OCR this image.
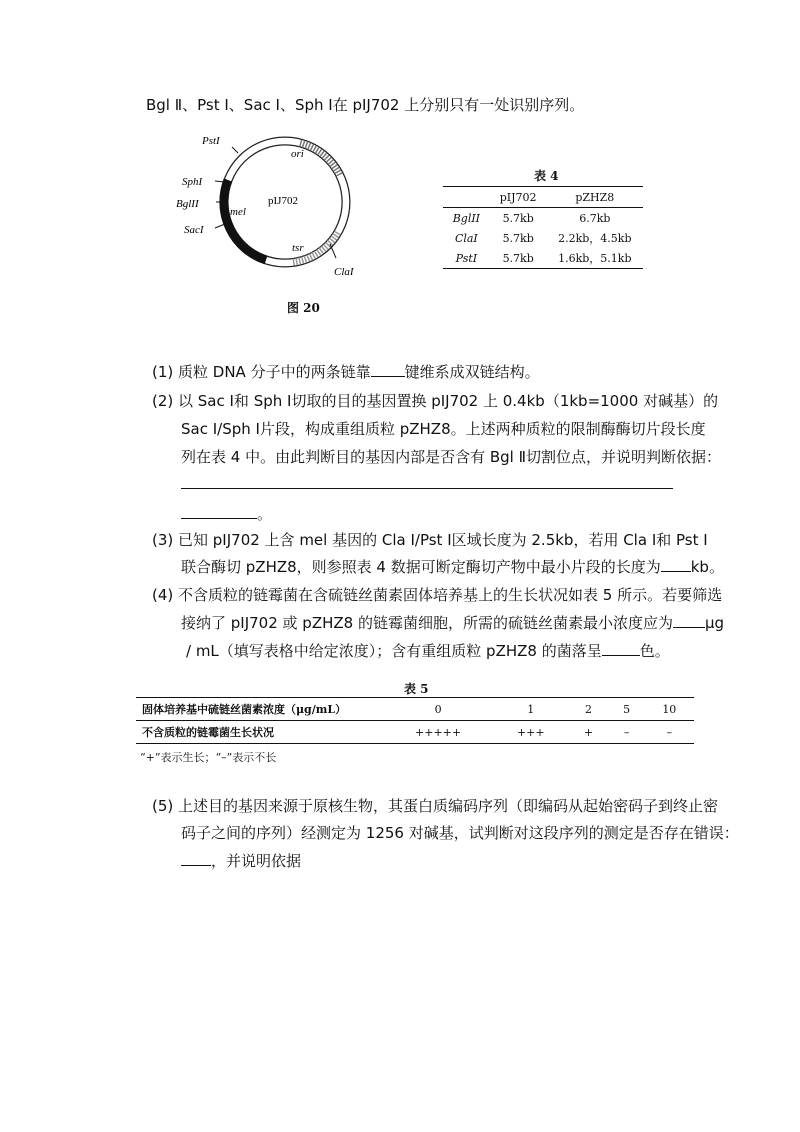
Bgl Ⅱ、Pst Ⅰ、Sac Ⅰ、Sph Ⅰ在 pIJ702 上分别只有一处识别序列。
PstI
SphI
BglII
SacI
ClaI
ori
mel
tsr
pIJ702
图 20
表 4
	pIJ702	pZHZ8
BglII	5.7kb	6.7kb
ClaI	5.7kb	2.2kb，4.5kb
PstI	5.7kb	1.6kb，5.1kb
(1) 质粒 DNA 分子中的两条链靠 键维系成双链结构。
(2) 以 Sac Ⅰ和 Sph Ⅰ切取的目的基因置换 pIJ702 上 0.4kb（1kb=1000 对碱基）的
Sac Ⅰ/Sph Ⅰ片段，构成重组质粒 pZHZ8。上述两种质粒的限制酶酶切片段长度
列在表 4 中。由此判断目的基因内部是否含有 Bgl Ⅱ切割位点，并说明判断依据：
。
(3) 已知 pIJ702 上含 mel 基因的 Cla Ⅰ/Pst Ⅰ区域长度为 2.5kb，若用 Cla Ⅰ和 Pst Ⅰ
联合酶切 pZHZ8，则参照表 4 数据可断定酶切产物中最小片段的长度为 kb。
(4) 不含质粒的链霉菌在含硫链丝菌素固体培养基上的生长状况如表 5 所示。若要筛选
接纳了 pIJ702 或 pZHZ8 的链霉菌细胞，所需的硫链丝菌素最小浓度应为 μg
/ mL（填写表格中给定浓度）；含有重组质粒 pZHZ8 的菌落呈	色。
表 5
固体培养基中硫链丝菌素浓度（μg/mL）	0	1	2	5	10
不含质粒的链霉菌生长状况	+++++	+++	+	–	–
“+”表示生长；“–”表示不长
(5) 上述目的基因来源于原核生物，其蛋白质编码序列（即编码从起始密码子到终止密
码子之间的序列）经测定为 1256 对碱基，试判断对这段序列的测定是否存在错误：
，并说明依据
